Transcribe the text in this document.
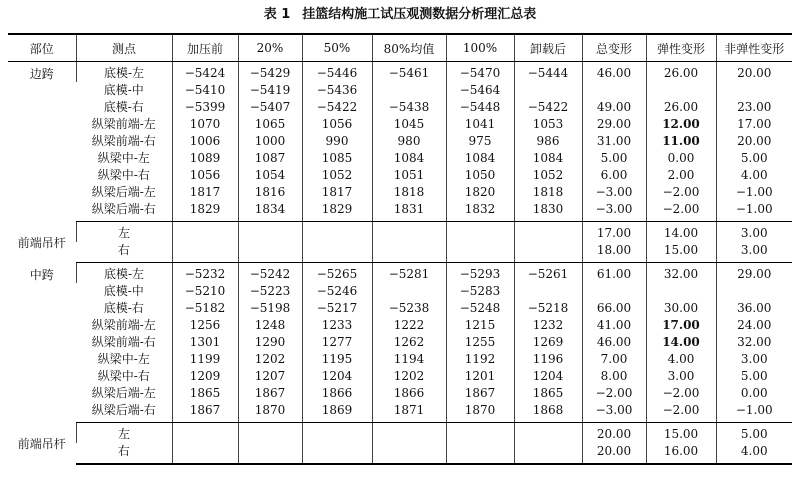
表 1 挂篮结构施工试压观测数据分析理汇总表
部位	测点	加压前	20%	50%	80%均值	100%	卸载后	总变形	弹性变形	非弹性变形
边跨	底模-左	−5424	−5429	−5446	−5461	−5470	−5444	46.00	26.00	20.00
	底模-中	−5410	−5419	−5436		−5464				
	底模-右	−5399	−5407	−5422	−5438	−5448	−5422	49.00	26.00	23.00
	纵梁前端-左	1070	1065	1056	1045	1041	1053	29.00	12.00	17.00
	纵梁前端-右	1006	1000	990	980	975	986	31.00	11.00	20.00
	纵梁中-左	1089	1087	1085	1084	1084	1084	5.00	0.00	5.00
	纵梁中-右	1056	1054	1052	1051	1050	1052	6.00	2.00	4.00
	纵梁后端-左	1817	1816	1817	1818	1820	1818	−3.00	−2.00	−1.00
	纵梁后端-右	1829	1834	1829	1831	1832	1830	−3.00	−2.00	−1.00
前端吊杆	左							17.00	14.00	3.00
	右							18.00	15.00	3.00
中跨	底模-左	−5232	−5242	−5265	−5281	−5293	−5261	61.00	32.00	29.00
	底模-中	−5210	−5223	−5246		−5283				
	底模-右	−5182	−5198	−5217	−5238	−5248	−5218	66.00	30.00	36.00
	纵梁前端-左	1256	1248	1233	1222	1215	1232	41.00	17.00	24.00
	纵梁前端-右	1301	1290	1277	1262	1255	1269	46.00	14.00	32.00
	纵梁中-左	1199	1202	1195	1194	1192	1196	7.00	4.00	3.00
	纵梁中-右	1209	1207	1204	1202	1201	1204	8.00	3.00	5.00
	纵梁后端-左	1865	1867	1866	1866	1867	1865	−2.00	−2.00	0.00
	纵梁后端-右	1867	1870	1869	1871	1870	1868	−3.00	−2.00	−1.00
前端吊杆	左							20.00	15.00	5.00
	右							20.00	16.00	4.00
